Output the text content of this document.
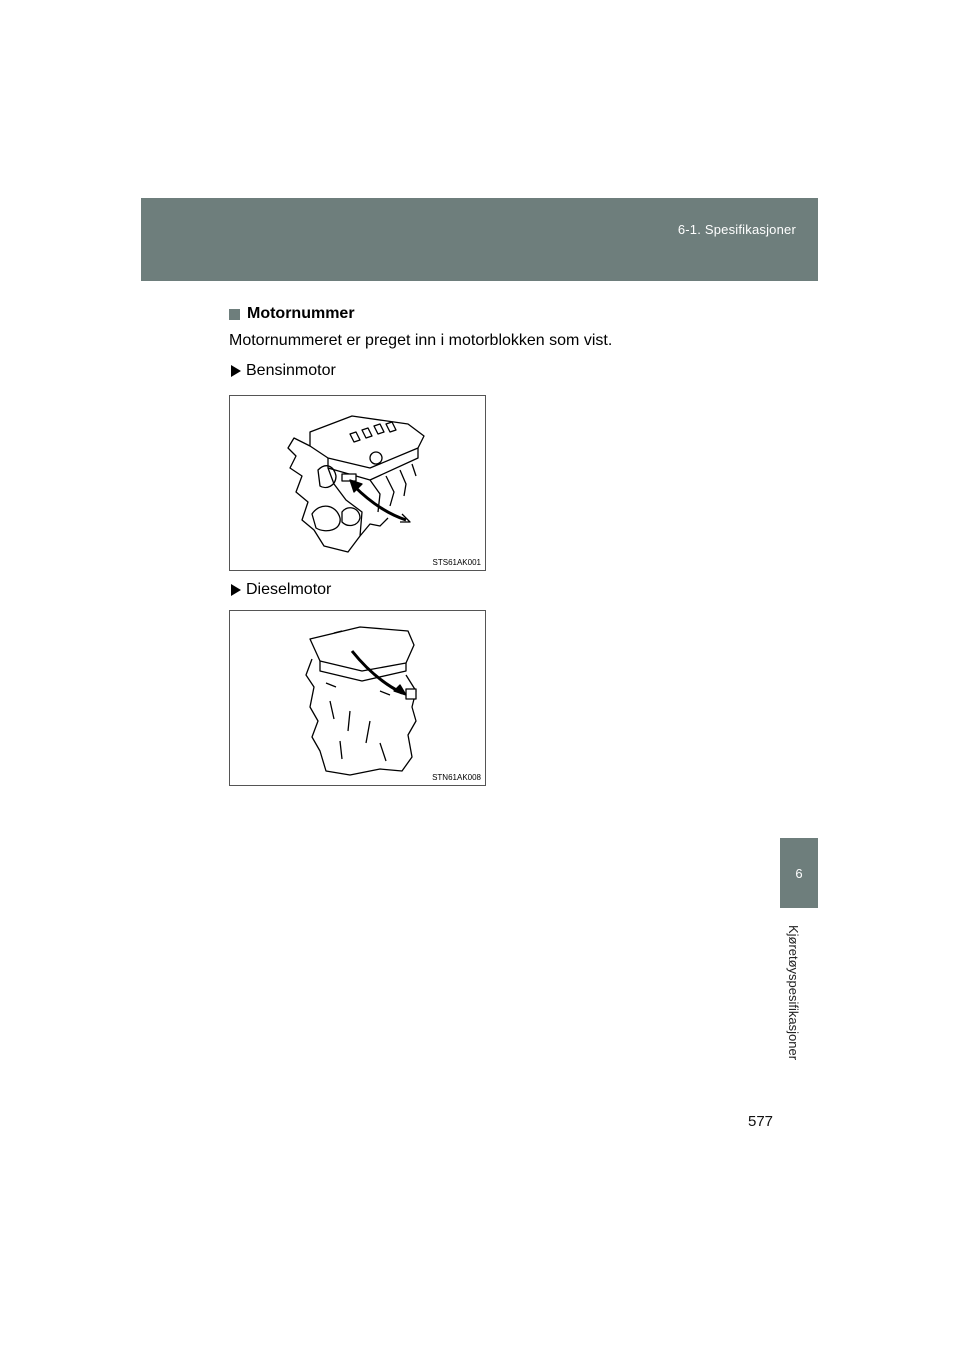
6-1. Spesifikasjoner
6
Kjøretøyspesifikasjoner
Motornummer
Motornummeret er preget inn i motorblokken som vist.
Bensinmotor
STS61AK001
Dieselmotor
STN61AK008
577
